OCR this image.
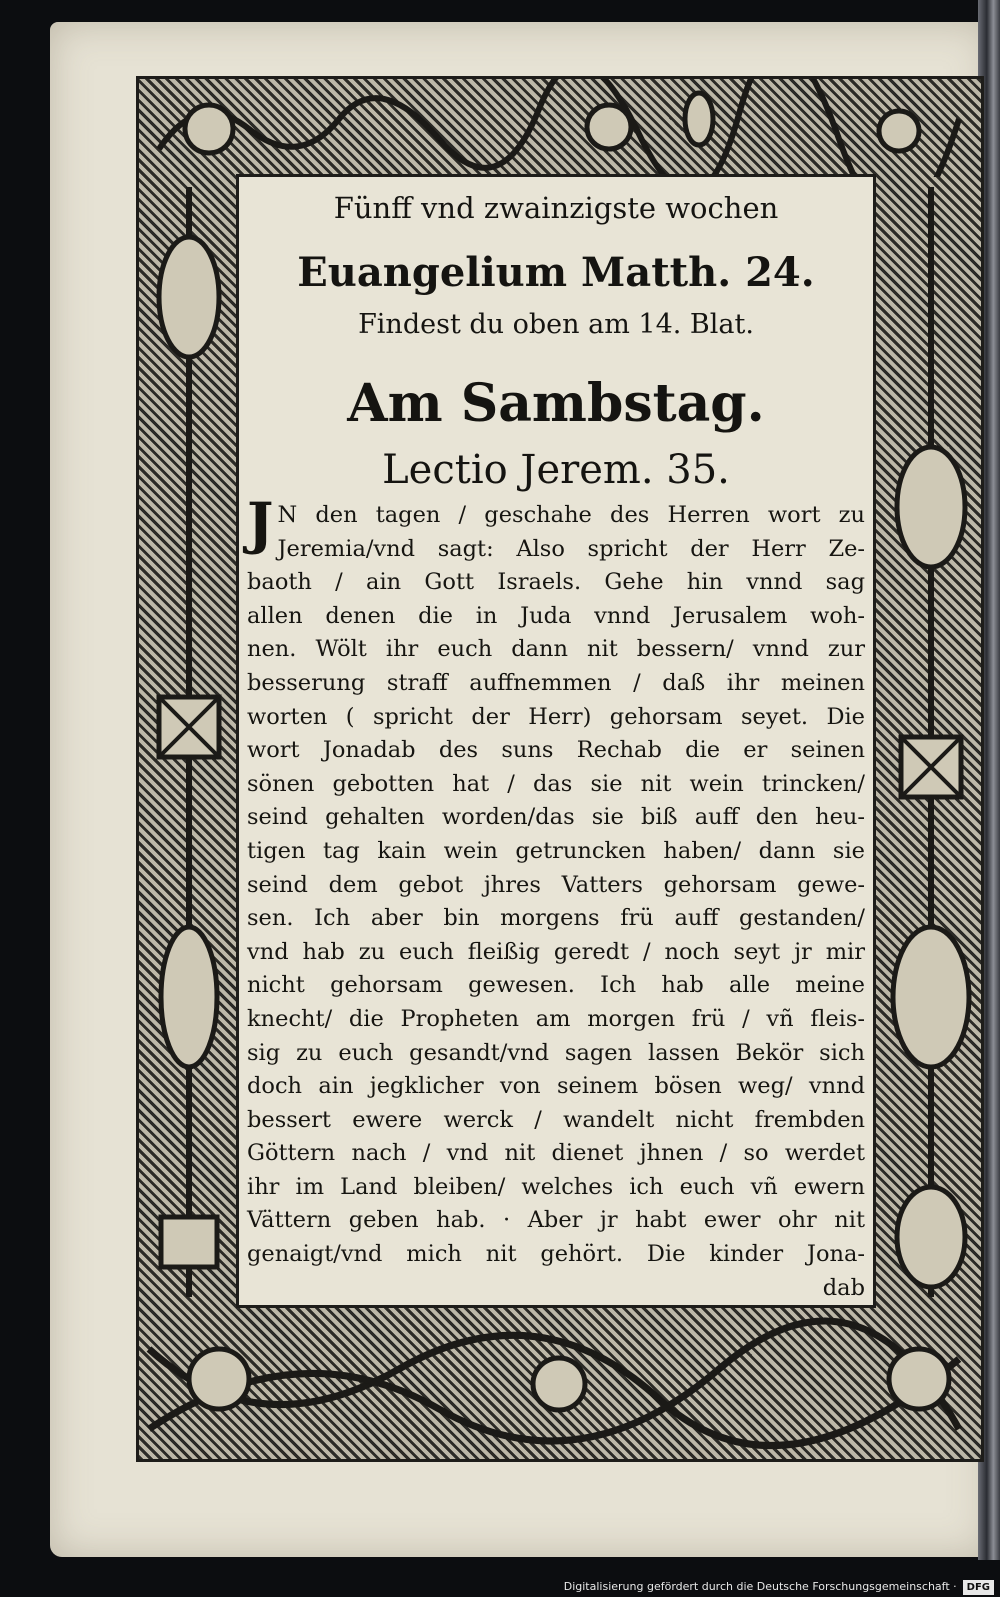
Fünff vnd zwainzigste wochen
Euangelium Matth. 24.
Findest du oben am 14. Blat.
Am Sambstag.
Lectio Jerem. 35.
J N den tagen / geschahe des Herren wort zu
Jeremia/vnd sagt: Also spricht der Herr Ze-
baoth / ain Gott Israels. Gehe hin vnnd sag
allen denen die in Juda vnnd Jerusalem woh-
nen. Wölt ihr euch dann nit bessern/ vnnd zur
besserung straff auffnemmen / daß ihr meinen
worten ( spricht der Herr) gehorsam seyet. Die
wort Jonadab des suns Rechab die er seinen
sönen gebotten hat / das sie nit wein trincken/
seind gehalten worden/das sie biß auff den heu-
tigen tag kain wein getruncken haben/ dann sie
seind dem gebot jhres Vatters gehorsam gewe-
sen. Ich aber bin morgens frü auff gestanden/
vnd hab zu euch fleißig geredt / noch seyt jr mir
nicht gehorsam gewesen. Ich hab alle meine
knecht/ die Propheten am morgen frü / vñ fleis-
sig zu euch gesandt/vnd sagen lassen Bekör sich
doch ain jegklicher von seinem bösen weg/ vnnd
bessert ewere werck / wandelt nicht frembden
Göttern nach / vnd nit dienet jhnen / so werdet
ihr im Land bleiben/ welches ich euch vñ ewern
Vättern geben hab. · Aber jr habt ewer ohr nit
genaigt/vnd mich nit gehört. Die kinder Jona-
dab
Digitalisierung gefördert durch die Deutsche Forschungsgemeinschaft · DFG
